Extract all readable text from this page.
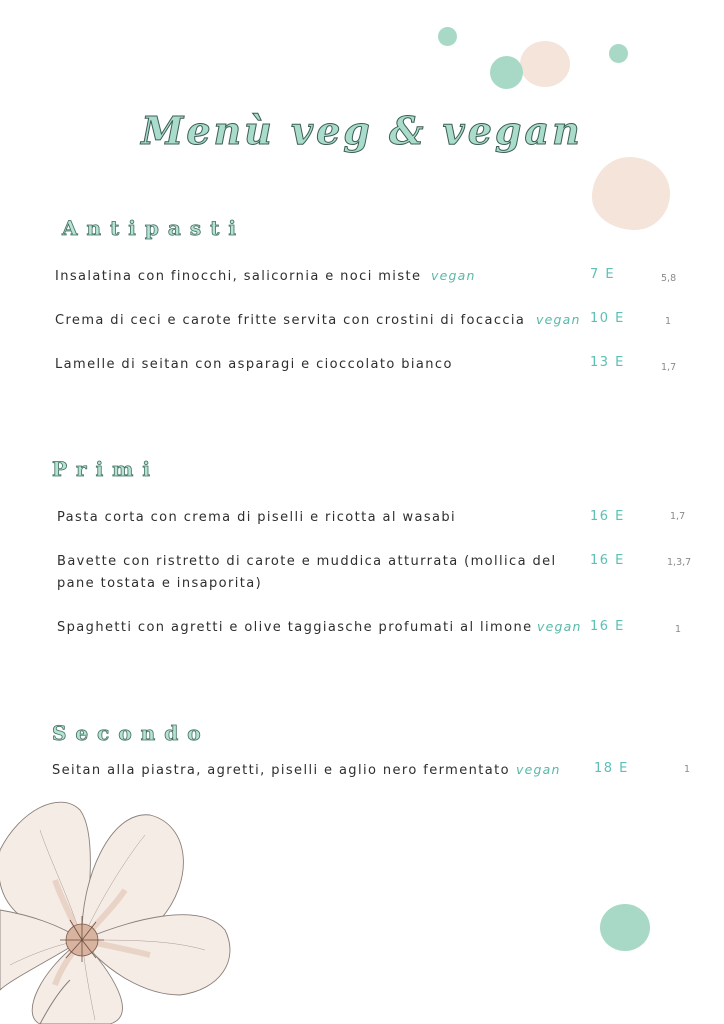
Menù veg & vegan
Antipasti
Insalatina con finocchi, salicornia e noci miste vegan	7 E	5,8
Crema di ceci e carote fritte servita con crostini di focaccia vegan 10 E	1
Lamelle di seitan con asparagi e cioccolato bianco	13 E	1,7
Primi
Pasta corta con crema di piselli e ricotta al wasabi	16 E	1,7
Bavette con ristretto di carote e muddica atturrata (mollica del pane tostata e insaporita)
16 E	1,3,7
Spaghetti con agretti e olive taggiasche profumati al limone vegan 16 E	1
Secondo
Seitan alla piastra, agretti, piselli e aglio nero fermentato vegan	18 E	1
